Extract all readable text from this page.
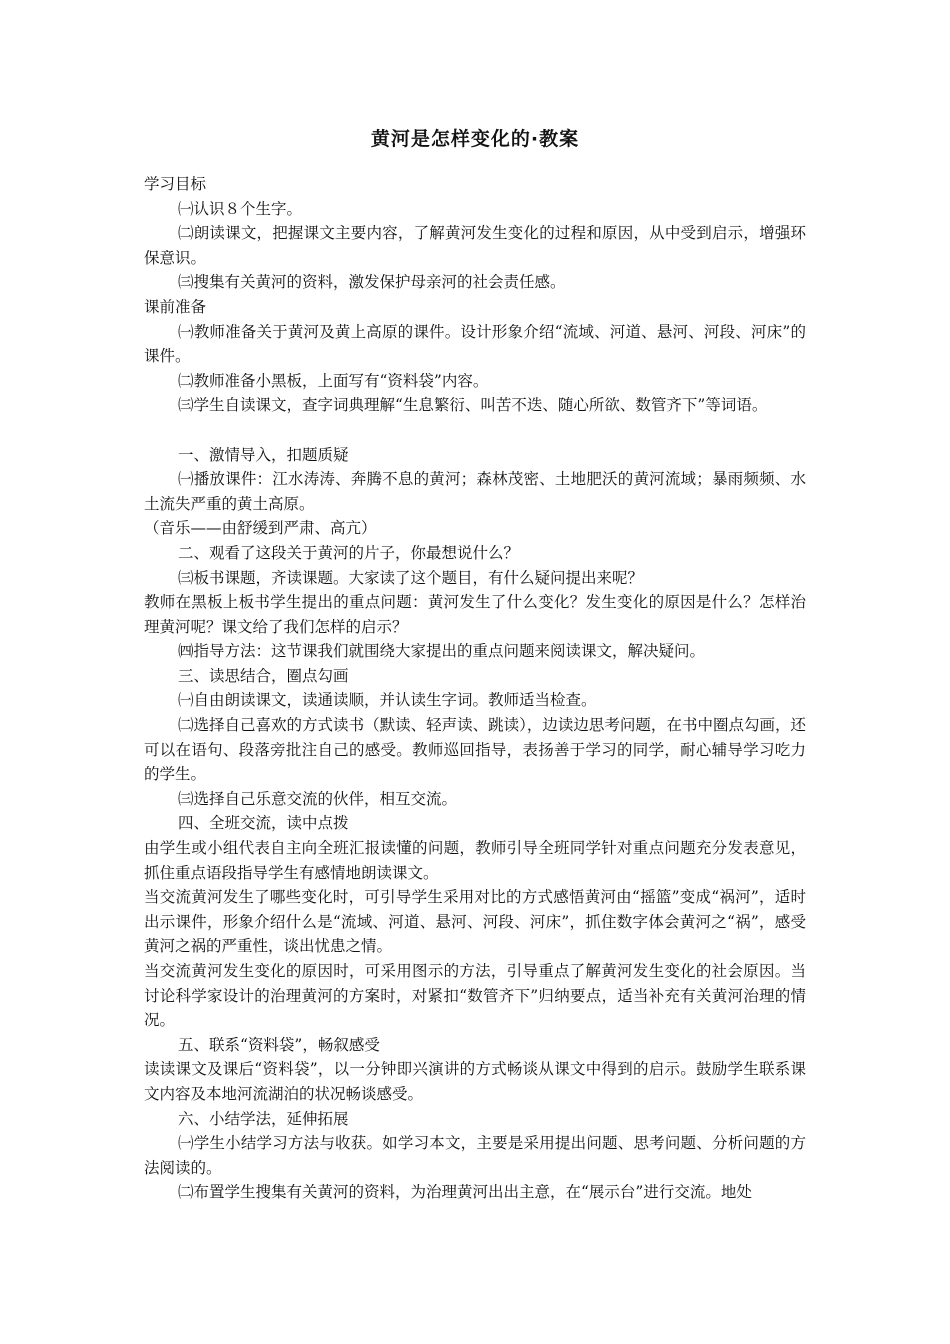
黄河是怎样变化的·教案

学习目标

㈠认识８个生字。

㈡朗读课文，把握课文主要内容，了解黄河发生变化的过程和原因，从中受到启示，增强环保意识。

㈢搜集有关黄河的资料，激发保护母亲河的社会责任感。

课前准备

㈠教师准备关于黄河及黄上高原的课件。设计形象介绍“流域、河道、悬河、河段、河床”的课件。

㈡教师准备小黑板，上面写有“资料袋”内容。

㈢学生自读课文，查字词典理解“生息繁衍、叫苦不迭、随心所欲、数管齐下”等词语。

一、激情导入，扣题质疑

㈠播放课件：江水涛涛、奔腾不息的黄河；森林茂密、土地肥沃的黄河流域；暴雨频频、水土流失严重的黄土高原。

（音乐——由舒缓到严肃、高亢）

二、观看了这段关于黄河的片子，你最想说什么？

㈢板书课题，齐读课题。大家读了这个题目，有什么疑问提出来呢？

教师在黑板上板书学生提出的重点问题：黄河发生了什么变化？发生变化的原因是什么？怎样治理黄河呢？课文给了我们怎样的启示？

㈣指导方法：这节课我们就围绕大家提出的重点问题来阅读课文，解决疑问。

三、读思结合，圈点勾画

㈠自由朗读课文，读通读顺，并认读生字词。教师适当检查。

㈡选择自己喜欢的方式读书（默读、轻声读、跳读），边读边思考问题，在书中圈点勾画，还可以在语句、段落旁批注自己的感受。教师巡回指导，表扬善于学习的同学，耐心辅导学习吃力的学生。

㈢选择自己乐意交流的伙伴，相互交流。

四、全班交流，读中点拨

由学生或小组代表自主向全班汇报读懂的问题，教师引导全班同学针对重点问题充分发表意见，抓住重点语段指导学生有感情地朗读课文。

当交流黄河发生了哪些变化时，可引导学生采用对比的方式感悟黄河由“摇篮”变成“祸河”，适时出示课件，形象介绍什么是“流域、河道、悬河、河段、河床”，抓住数字体会黄河之“祸”，感受黄河之祸的严重性，谈出忧患之情。

当交流黄河发生变化的原因时，可采用图示的方法，引导重点了解黄河发生变化的社会原因。当讨论科学家设计的治理黄河的方案时，对紧扣“数管齐下”归纳要点，适当补充有关黄河治理的情况。

五、联系“资料袋”，畅叙感受

读读课文及课后“资料袋”，以一分钟即兴演讲的方式畅谈从课文中得到的启示。鼓励学生联系课文内容及本地河流湖泊的状况畅谈感受。

六、小结学法，延伸拓展

㈠学生小结学习方法与收获。如学习本文，主要是采用提出问题、思考问题、分析问题的方法阅读的。

㈡布置学生搜集有关黄河的资料，为治理黄河出出主意，在“展示台”进行交流。地处
